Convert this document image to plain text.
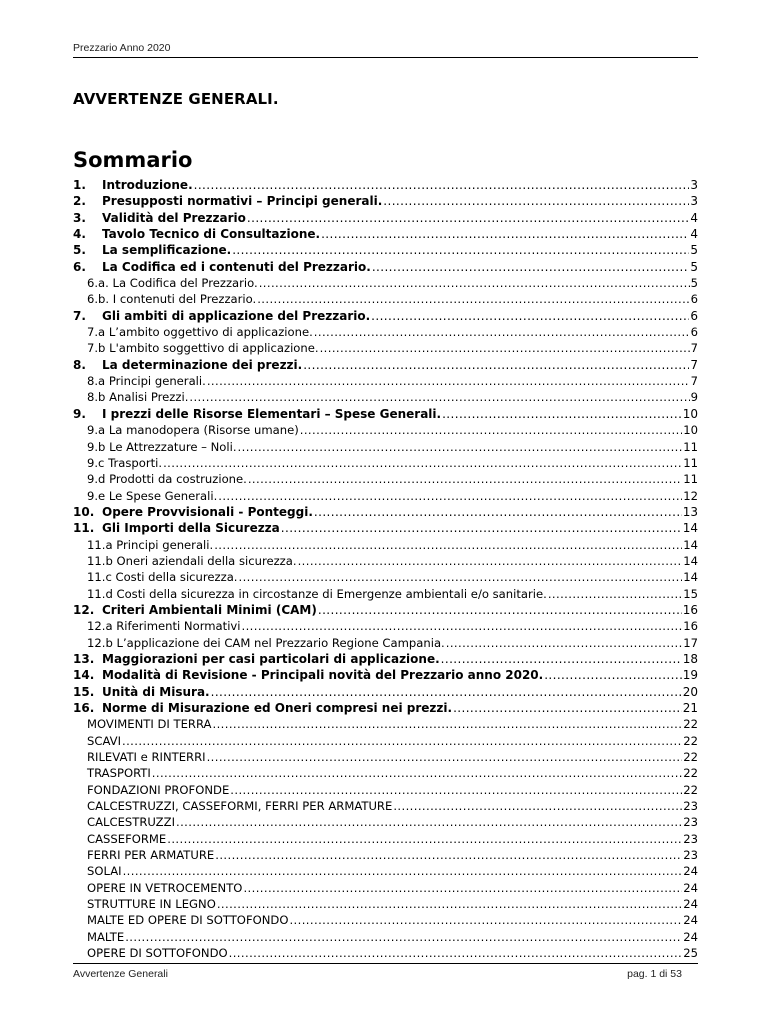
Prezzario Anno 2020
AVVERTENZE GENERALI.
Sommario
1.	Introduzione. .....	3
2.	Presupposti normativi – Principi generali. .....	3
3.	Validità del Prezzario .....	4
4.	Tavolo Tecnico di Consultazione. .....	4
5.	La semplificazione. .....	5
6.	La Codifica ed i contenuti del Prezzario. .....	5
6.a. La Codifica del Prezzario. .....	5
6.b. I contenuti del Prezzario. .....	6
7.	Gli ambiti di applicazione del Prezzario. .....	6
7.a L’ambito oggettivo di applicazione. .....	6
7.b L'ambito soggettivo di applicazione. .....	7
8.	La determinazione dei prezzi. .....	7
8.a Principi generali. .....	7
8.b Analisi Prezzi. .....	9
9.	I prezzi delle Risorse Elementari – Spese Generali. .....	10
9.a La manodopera (Risorse umane) .....	10
9.b Le Attrezzature – Noli. .....	11
9.c Trasporti. .....	11
9.d Prodotti da costruzione. .....	11
9.e Le Spese Generali. .....	12
10. Opere Provvisionali - Ponteggi. .....	13
11. Gli Importi della Sicurezza .....	14
11.a Principi generali. .....	14
11.b Oneri aziendali della sicurezza. .....	14
11.c Costi della sicurezza. .....	14
11.d Costi della sicurezza in circostanze di Emergenze ambientali e/o sanitarie. .....	15
12. Criteri Ambientali Minimi (CAM) .....	16
12.a Riferimenti Normativi .....	16
12.b L’applicazione dei CAM nel Prezzario Regione Campania. .....	17
13. Maggiorazioni per casi particolari di applicazione. .....	18
14. Modalità di Revisione - Principali novità del Prezzario anno 2020. .....	19
15. Unità di Misura. .....	20
16. Norme di Misurazione ed Oneri compresi nei prezzi. .....	21
MOVIMENTI DI TERRA .....	22
SCAVI .....	22
RILEVATI e RINTERRI .....	22
TRASPORTI .....	22
FONDAZIONI PROFONDE .....	22
CALCESTRUZZI, CASSEFORMI, FERRI PER ARMATURE .....	23
CALCESTRUZZI .....	23
CASSEFORME .....	23
FERRI PER ARMATURE .....	23
SOLAI .....	24
OPERE IN VETROCEMENTO .....	24
STRUTTURE IN LEGNO .....	24
MALTE ED OPERE DI SOTTOFONDO .....	24
MALTE .....	24
OPERE DI SOTTOFONDO .....	25
Avvertenze Generali	pag. 1 di 53
